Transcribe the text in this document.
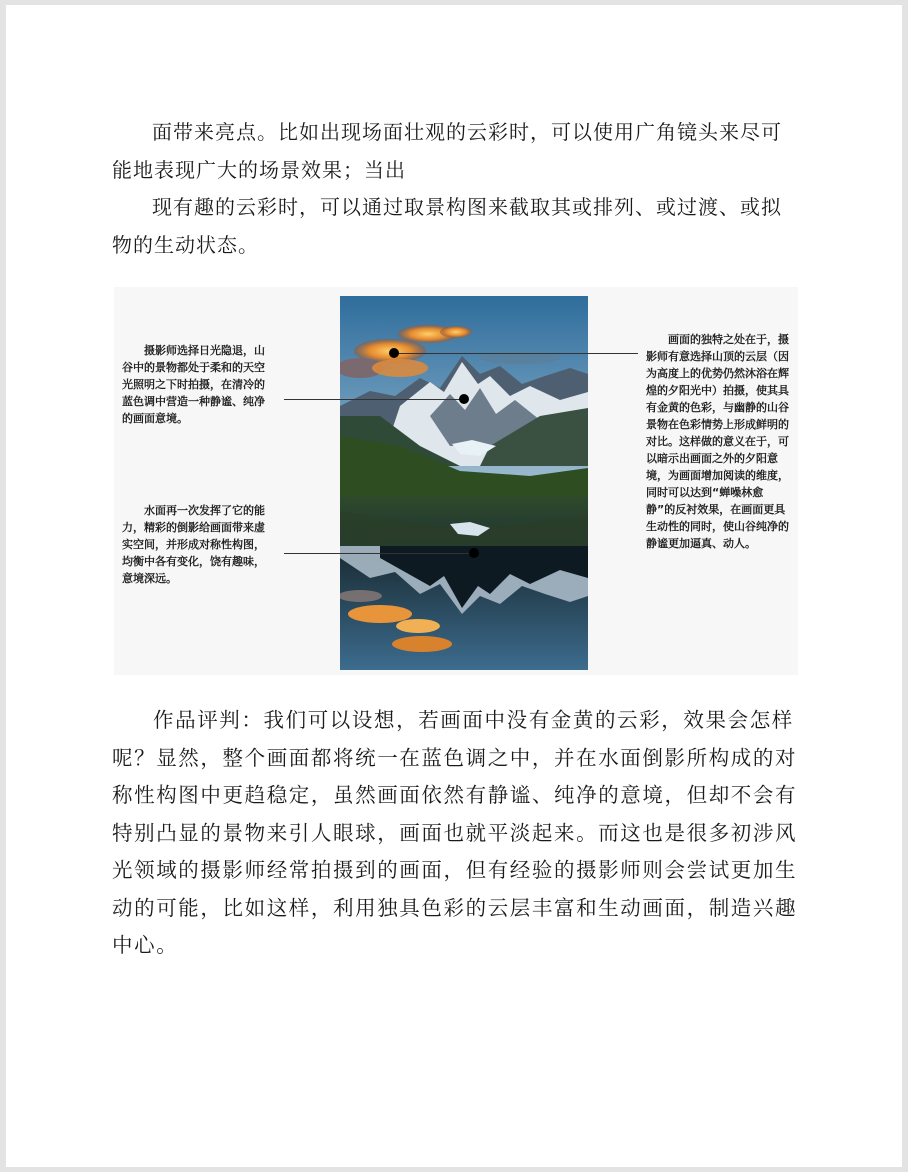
面带来亮点。比如出现场面壮观的云彩时，可以使用广角镜头来尽可能地表现广大的场景效果；当出

现有趣的云彩时，可以通过取景构图来截取其或排列、或过渡、或拟物的生动状态。

摄影师选择日光隐退，山谷中的景物都处于柔和的天空光照明之下时拍摄，在清冷的蓝色调中营造一种静谧、纯净的画面意境。

水面再一次发挥了它的能力，精彩的倒影给画面带来虚实空间，并形成对称性构图，均衡中各有变化，饶有趣味，意境深远。

画面的独特之处在于，摄影师有意选择山顶的云层（因为高度上的优势仍然沐浴在辉煌的夕阳光中）拍摄，使其具有金黄的色彩，与幽静的山谷景物在色彩情势上形成鲜明的对比。这样做的意义在于，可以暗示出画面之外的夕阳意境，为画面增加阅读的维度，同时可以达到“蝉噪林愈静”的反衬效果，在画面更具生动性的同时，使山谷纯净的静谧更加逼真、动人。

作品评判：我们可以设想，若画面中没有金黄的云彩，效果会怎样呢？显然，整个画面都将统一在蓝色调之中，并在水面倒影所构成的对称性构图中更趋稳定，虽然画面依然有静谧、纯净的意境，但却不会有特别凸显的景物来引人眼球，画面也就平淡起来。而这也是很多初涉风光领域的摄影师经常拍摄到的画面，但有经验的摄影师则会尝试更加生动的可能，比如这样，利用独具色彩的云层丰富和生动画面，制造兴趣中心。
